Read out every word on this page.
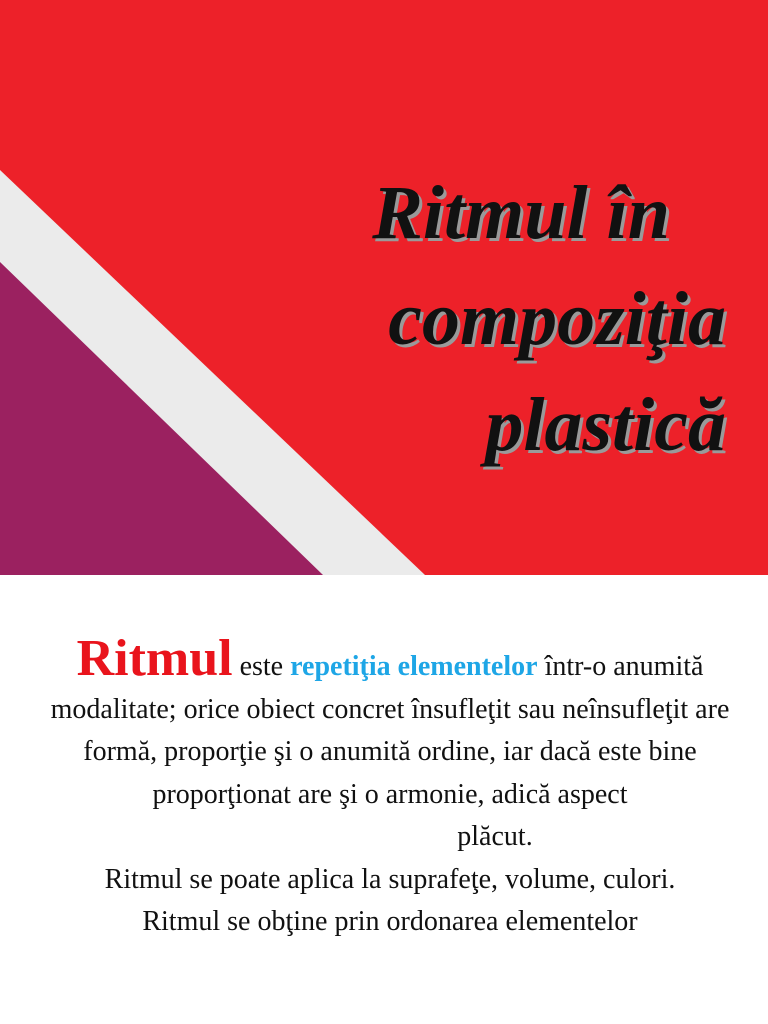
Ritmul în
compoziţia
plastică

Ritmul este repetiţia elementelor într-o anumită modalitate; orice obiect concret însufleţit sau neînsufleţit are formă, proporţie şi o anumită ordine, iar dacă este bine proporţionat are şi o armonie, adică aspect plăcut.

Ritmul se poate aplica la suprafeţe, volume, culori.

Ritmul se obţine prin ordonarea elementelor
